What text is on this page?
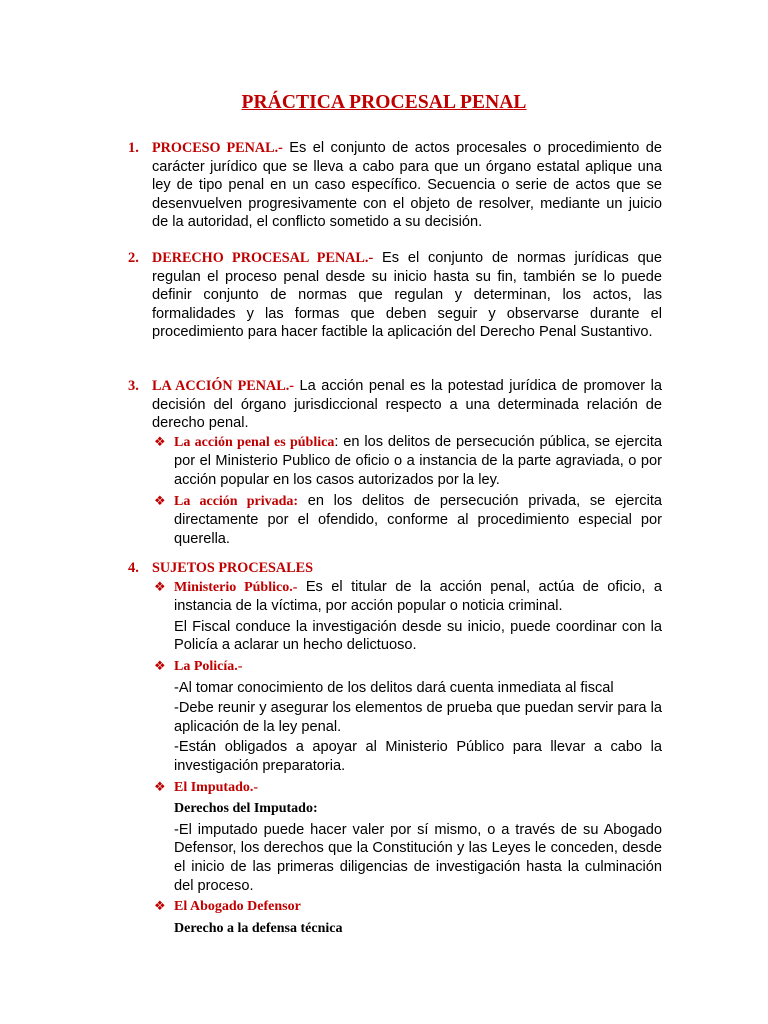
PRÁCTICA PROCESAL PENAL
1. PROCESO PENAL.- Es el conjunto de actos procesales o procedimiento de carácter jurídico que se lleva a cabo para que un órgano estatal aplique una ley de tipo penal en un caso específico. Secuencia o serie de actos que se desenvuelven progresivamente con el objeto de resolver, mediante un juicio de la autoridad, el conflicto sometido a su decisión.
2. DERECHO PROCESAL PENAL.- Es el conjunto de normas jurídicas que regulan el proceso penal desde su inicio hasta su fin, también se lo puede definir conjunto de normas que regulan y determinan, los actos, las formalidades y las formas que deben seguir y observarse durante el procedimiento para hacer factible la aplicación del Derecho Penal Sustantivo.
3. LA ACCIÓN PENAL.- La acción penal es la potestad jurídica de promover la decisión del órgano jurisdiccional respecto a una determinada relación de derecho penal.
❖ La acción penal es pública: en los delitos de persecución pública, se ejercita por el Ministerio Publico de oficio o a instancia de la parte agraviada, o por acción popular en los casos autorizados por la ley.
❖ La acción privada: en los delitos de persecución privada, se ejercita directamente por el ofendido, conforme al procedimiento especial por querella.
4. SUJETOS PROCESALES
❖ Ministerio Público.- Es el titular de la acción penal, actúa de oficio, a instancia de la víctima, por acción popular o noticia criminal.
El Fiscal conduce la investigación desde su inicio, puede coordinar con la Policía a aclarar un hecho delictuoso.
❖ La Policía.-
-Al tomar conocimiento de los delitos dará cuenta inmediata al fiscal
-Debe reunir y asegurar los elementos de prueba que puedan servir para la aplicación de la ley penal.
-Están obligados a apoyar al Ministerio Público para llevar a cabo la investigación preparatoria.
❖ El Imputado.-
Derechos del Imputado:
-El imputado puede hacer valer por sí mismo, o a través de su Abogado Defensor, los derechos que la Constitución y las Leyes le conceden, desde el inicio de las primeras diligencias de investigación hasta la culminación del proceso.
❖ El Abogado Defensor
Derecho a la defensa técnica
